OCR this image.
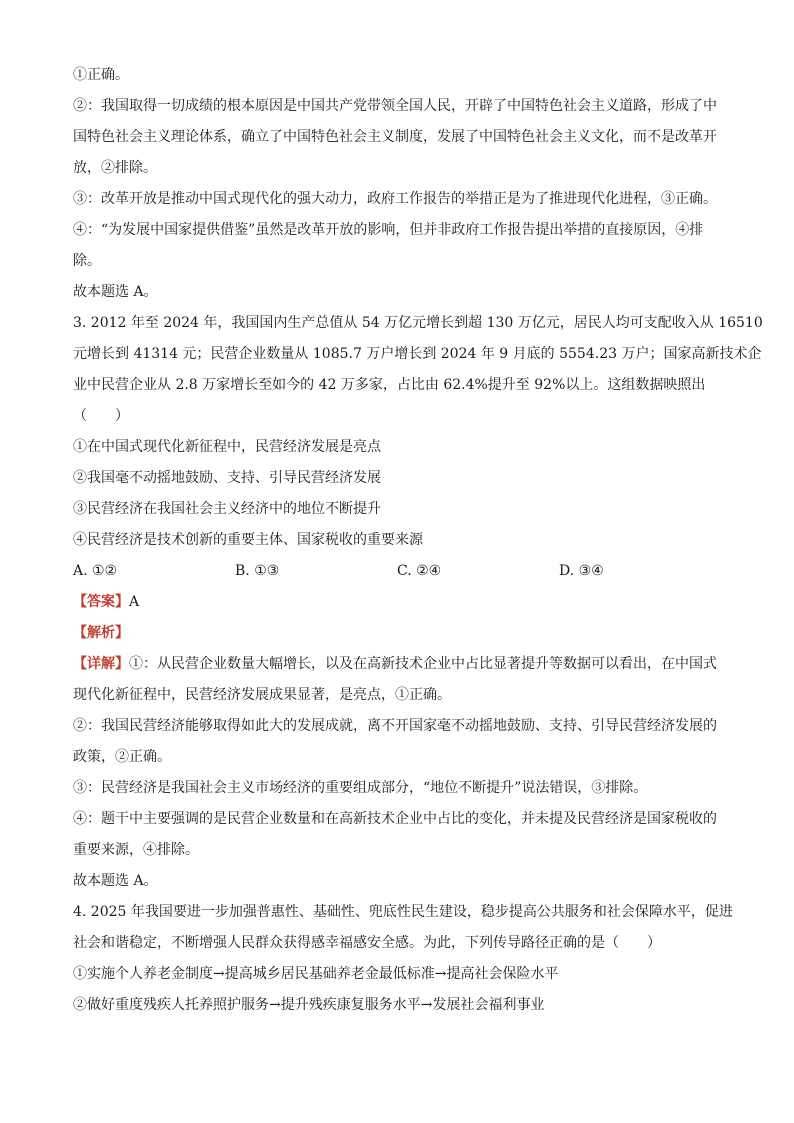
①正确。
②：我国取得一切成绩的根本原因是中国共产党带领全国人民，开辟了中国特色社会主义道路，形成了中
国特色社会主义理论体系，确立了中国特色社会主义制度，发展了中国特色社会主义文化，而不是改革开
放，②排除。
③：改革开放是推动中国式现代化的强大动力，政府工作报告的举措正是为了推进现代化进程，③正确。
④：“为发展中国家提供借鉴”虽然是改革开放的影响，但并非政府工作报告提出举措的直接原因，④排
除。
故本题选 A。
3. 2012 年至 2024 年，我国国内生产总值从 54 万亿元增长到超 130 万亿元，居民人均可支配收入从 16510
元增长到 41314 元；民营企业数量从 1085.7 万户增长到 2024 年 9 月底的 5554.23 万户；国家高新技术企
业中民营企业从 2.8 万家增长至如今的 42 万多家，占比由 62.4%提升至 92%以上。这组数据映照出
（　　）
①在中国式现代化新征程中，民营经济发展是亮点
②我国毫不动摇地鼓励、支持、引导民营经济发展
③民营经济在我国社会主义经济中的地位不断提升
④民营经济是技术创新的重要主体、国家税收的重要来源
A. ①②	B. ①③	C. ②④	D. ③④
【答案】A
【解析】
【详解】①：从民营企业数量大幅增长，以及在高新技术企业中占比显著提升等数据可以看出，在中国式
现代化新征程中，民营经济发展成果显著，是亮点，①正确。
②：我国民营经济能够取得如此大的发展成就，离不开国家毫不动摇地鼓励、支持、引导民营经济发展的
政策，②正确。
③：民营经济是我国社会主义市场经济的重要组成部分，“地位不断提升”说法错误，③排除。
④：题干中主要强调的是民营企业数量和在高新技术企业中占比的变化，并未提及民营经济是国家税收的
重要来源，④排除。
故本题选 A。
4. 2025 年我国要进一步加强普惠性、基础性、兜底性民生建设，稳步提高公共服务和社会保障水平，促进
社会和谐稳定，不断增强人民群众获得感幸福感安全感。为此，下列传导路径正确的是（　　）
①实施个人养老金制度→提高城乡居民基础养老金最低标准→提高社会保险水平
②做好重度残疾人托养照护服务→提升残疾康复服务水平→发展社会福利事业
